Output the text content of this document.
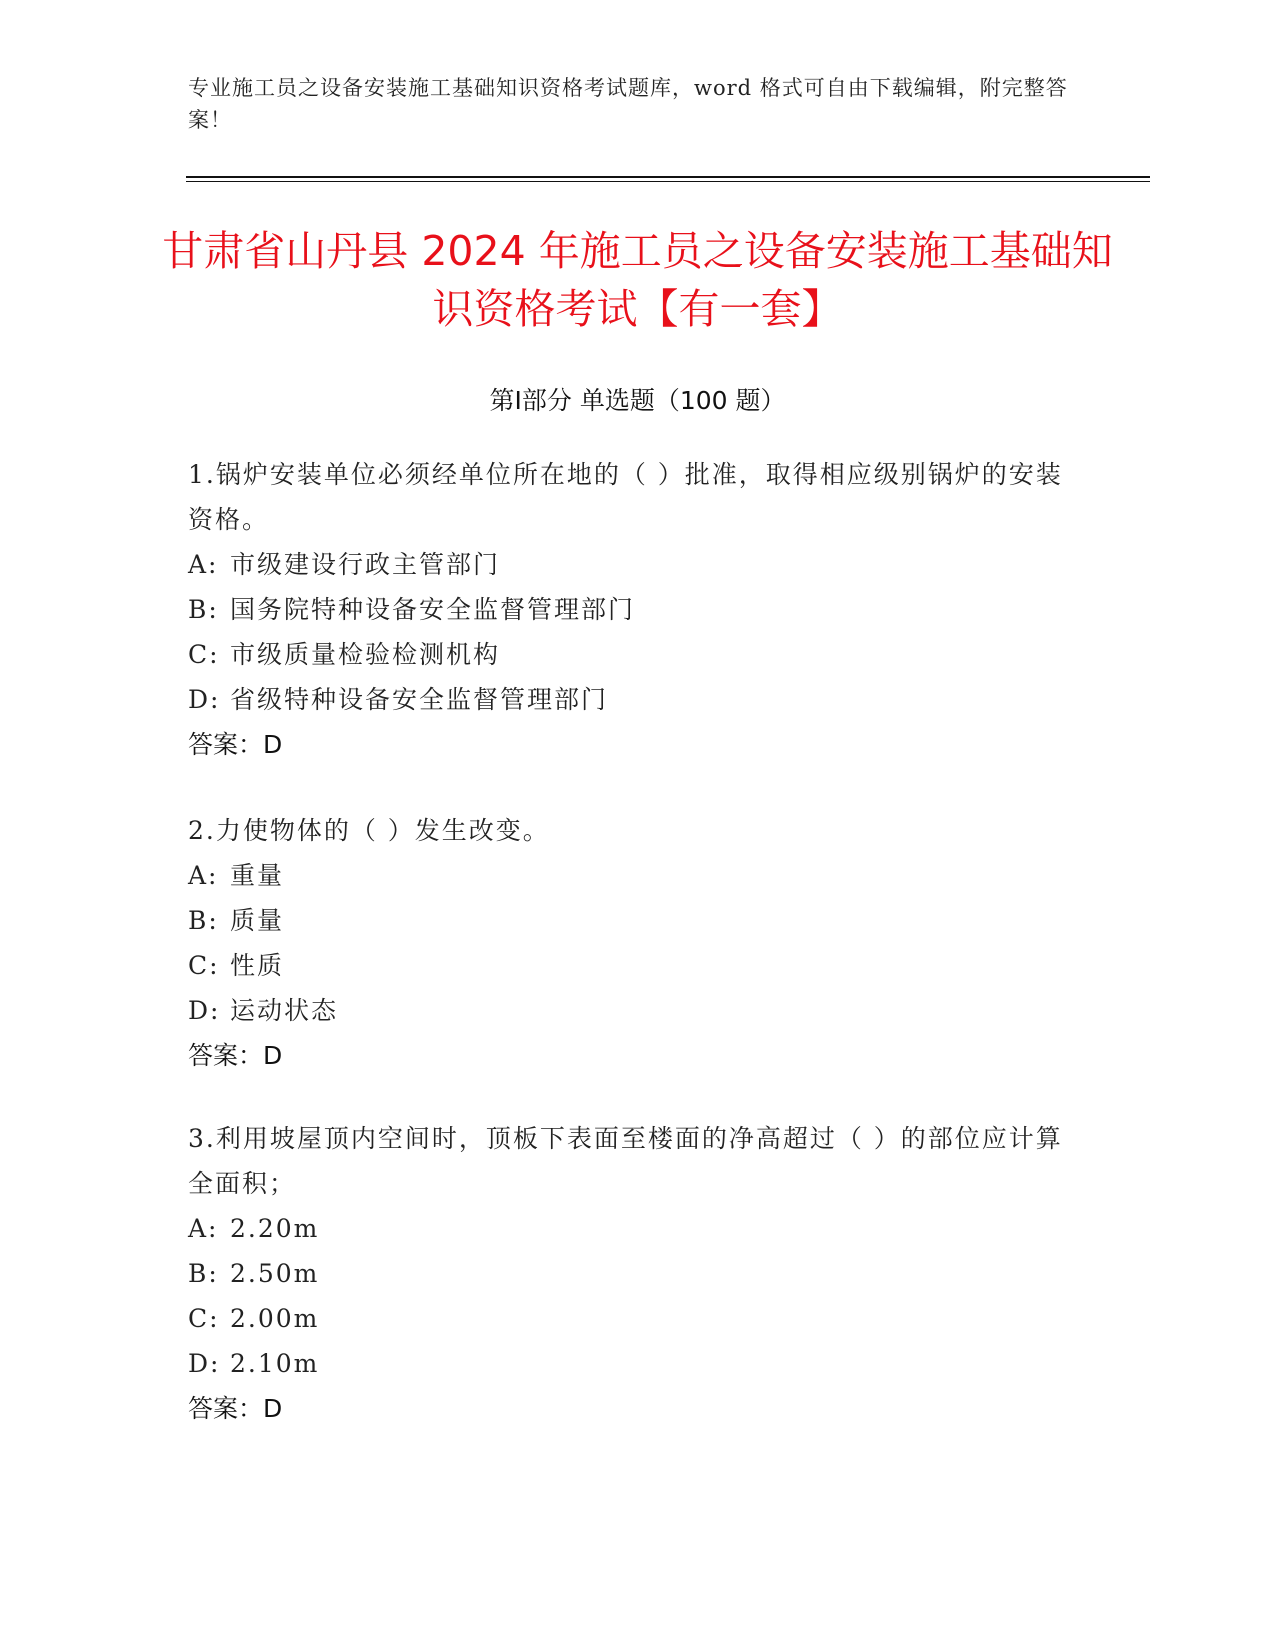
专业施工员之设备安装施工基础知识资格考试题库，word 格式可自由下载编辑，附完整答案！
甘肃省山丹县 2024 年施工员之设备安装施工基础知识资格考试【有一套】
第Ⅰ部分 单选题（100 题）
1.锅炉安装单位必须经单位所在地的（ ）批准，取得相应级别锅炉的安装资格。
A: 市级建设行政主管部门
B: 国务院特种设备安全监督管理部门
C: 市级质量检验检测机构
D: 省级特种设备安全监督管理部门
答案：D
2.力使物体的（ ）发生改变。
A: 重量
B: 质量
C: 性质
D: 运动状态
答案：D
3.利用坡屋顶内空间时，顶板下表面至楼面的净高超过（ ）的部位应计算全面积；
A: 2.20m
B: 2.50m
C: 2.00m
D: 2.10m
答案：D
